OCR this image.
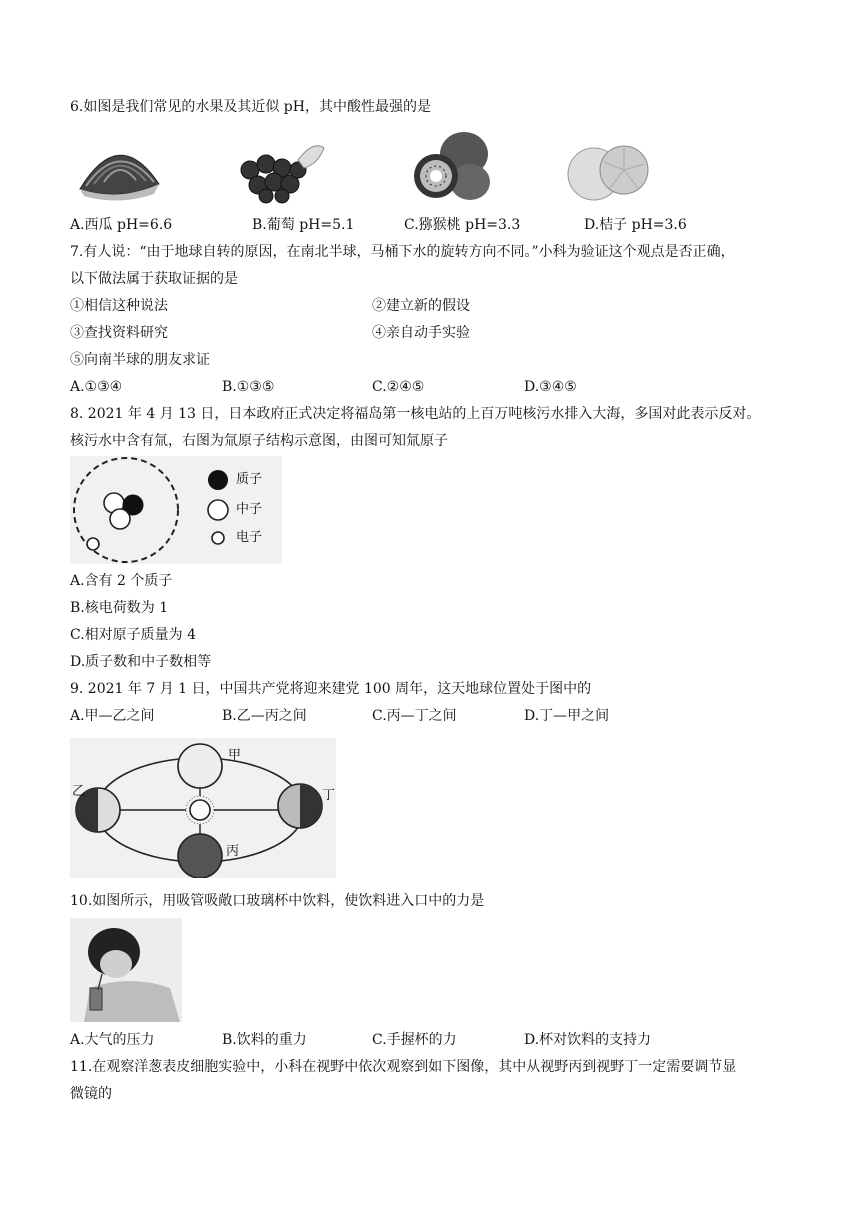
6.如图是我们常见的水果及其近似 pH，其中酸性最强的是
A.西瓜 pH=6.6	B.葡萄 pH=5.1	C.猕猴桃 pH=3.3	D.桔子 pH=3.6
7.有人说：“由于地球自转的原因，在南北半球，马桶下水的旋转方向不同。”小科为验证这个观点是否正确，
以下做法属于获取证据的是
①相信这种说法	②建立新的假设
③查找资料研究	④亲自动手实验
⑤向南半球的朋友求证
A.①③④	B.①③⑤	C.②④⑤	D.③④⑤
8. 2021 年 4 月 13 日，日本政府正式决定将福岛第一核电站的上百万吨核污水排入大海，多国对此表示反对。
核污水中含有氚，右图为氚原子结构示意图，由图可知氚原子
质子
中子
电子
A.含有 2 个质子
B.核电荷数为 1
C.相对原子质量为 4
D.质子数和中子数相等
9. 2021 年 7 月 1 日，中国共产党将迎来建党 100 周年，这天地球位置处于图中的
A.甲—乙之间	B.乙—丙之间	C.丙—丁之间	D.丁—甲之间
甲
乙
丙
丁
10.如图所示，用吸管吸敞口玻璃杯中饮料，使饮料进入口中的力是
A.大气的压力	B.饮料的重力	C.手握杯的力	D.杯对饮料的支持力
11.在观察洋葱表皮细胞实验中，小科在视野中依次观察到如下图像，其中从视野丙到视野丁一定需要调节显
微镜的
